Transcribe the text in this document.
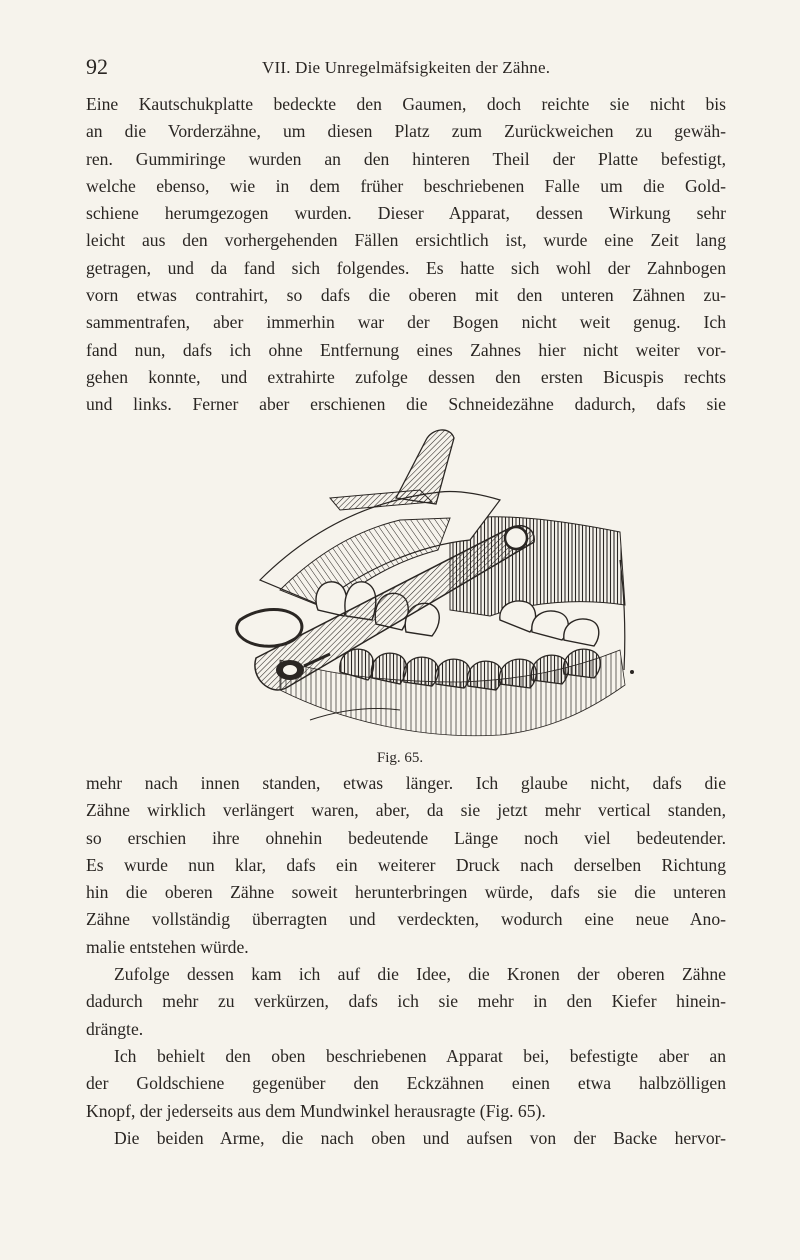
92	VII. Die Unregelmäfsigkeiten der Zähne.
Eine Kautschukplatte bedeckte den Gaumen, doch reichte sie nicht bis
an die Vorderzähne, um diesen Platz zum Zurückweichen zu gewäh-
ren. Gummiringe wurden an den hinteren Theil der Platte befestigt,
welche ebenso, wie in dem früher beschriebenen Falle um die Gold-
schiene herumgezogen wurden. Dieser Apparat, dessen Wirkung sehr
leicht aus den vorhergehenden Fällen ersichtlich ist, wurde eine Zeit lang
getragen, und da fand sich folgendes. Es hatte sich wohl der Zahnbogen
vorn etwas contrahirt, so dafs die oberen mit den unteren Zähnen zu-
sammentrafen, aber immerhin war der Bogen nicht weit genug. Ich
fand nun, dafs ich ohne Entfernung eines Zahnes hier nicht weiter vor-
gehen konnte, und extrahirte zufolge dessen den ersten Bicuspis rechts
und links. Ferner aber erschienen die Schneidezähne dadurch, dafs sie
Fig. 65.
mehr nach innen standen, etwas länger. Ich glaube nicht, dafs die
Zähne wirklich verlängert waren, aber, da sie jetzt mehr vertical standen,
so erschien ihre ohnehin bedeutende Länge noch viel bedeutender.
Es wurde nun klar, dafs ein weiterer Druck nach derselben Richtung
hin die oberen Zähne soweit herunterbringen würde, dafs sie die unteren
Zähne vollständig überragten und verdeckten, wodurch eine neue Ano-
malie entstehen würde.
Zufolge dessen kam ich auf die Idee, die Kronen der oberen Zähne
dadurch mehr zu verkürzen, dafs ich sie mehr in den Kiefer hinein-
drängte.
Ich behielt den oben beschriebenen Apparat bei, befestigte aber an
der Goldschiene gegenüber den Eckzähnen einen etwa halbzölligen
Knopf, der jederseits aus dem Mundwinkel herausragte (Fig. 65).
Die beiden Arme, die nach oben und aufsen von der Backe hervor-
